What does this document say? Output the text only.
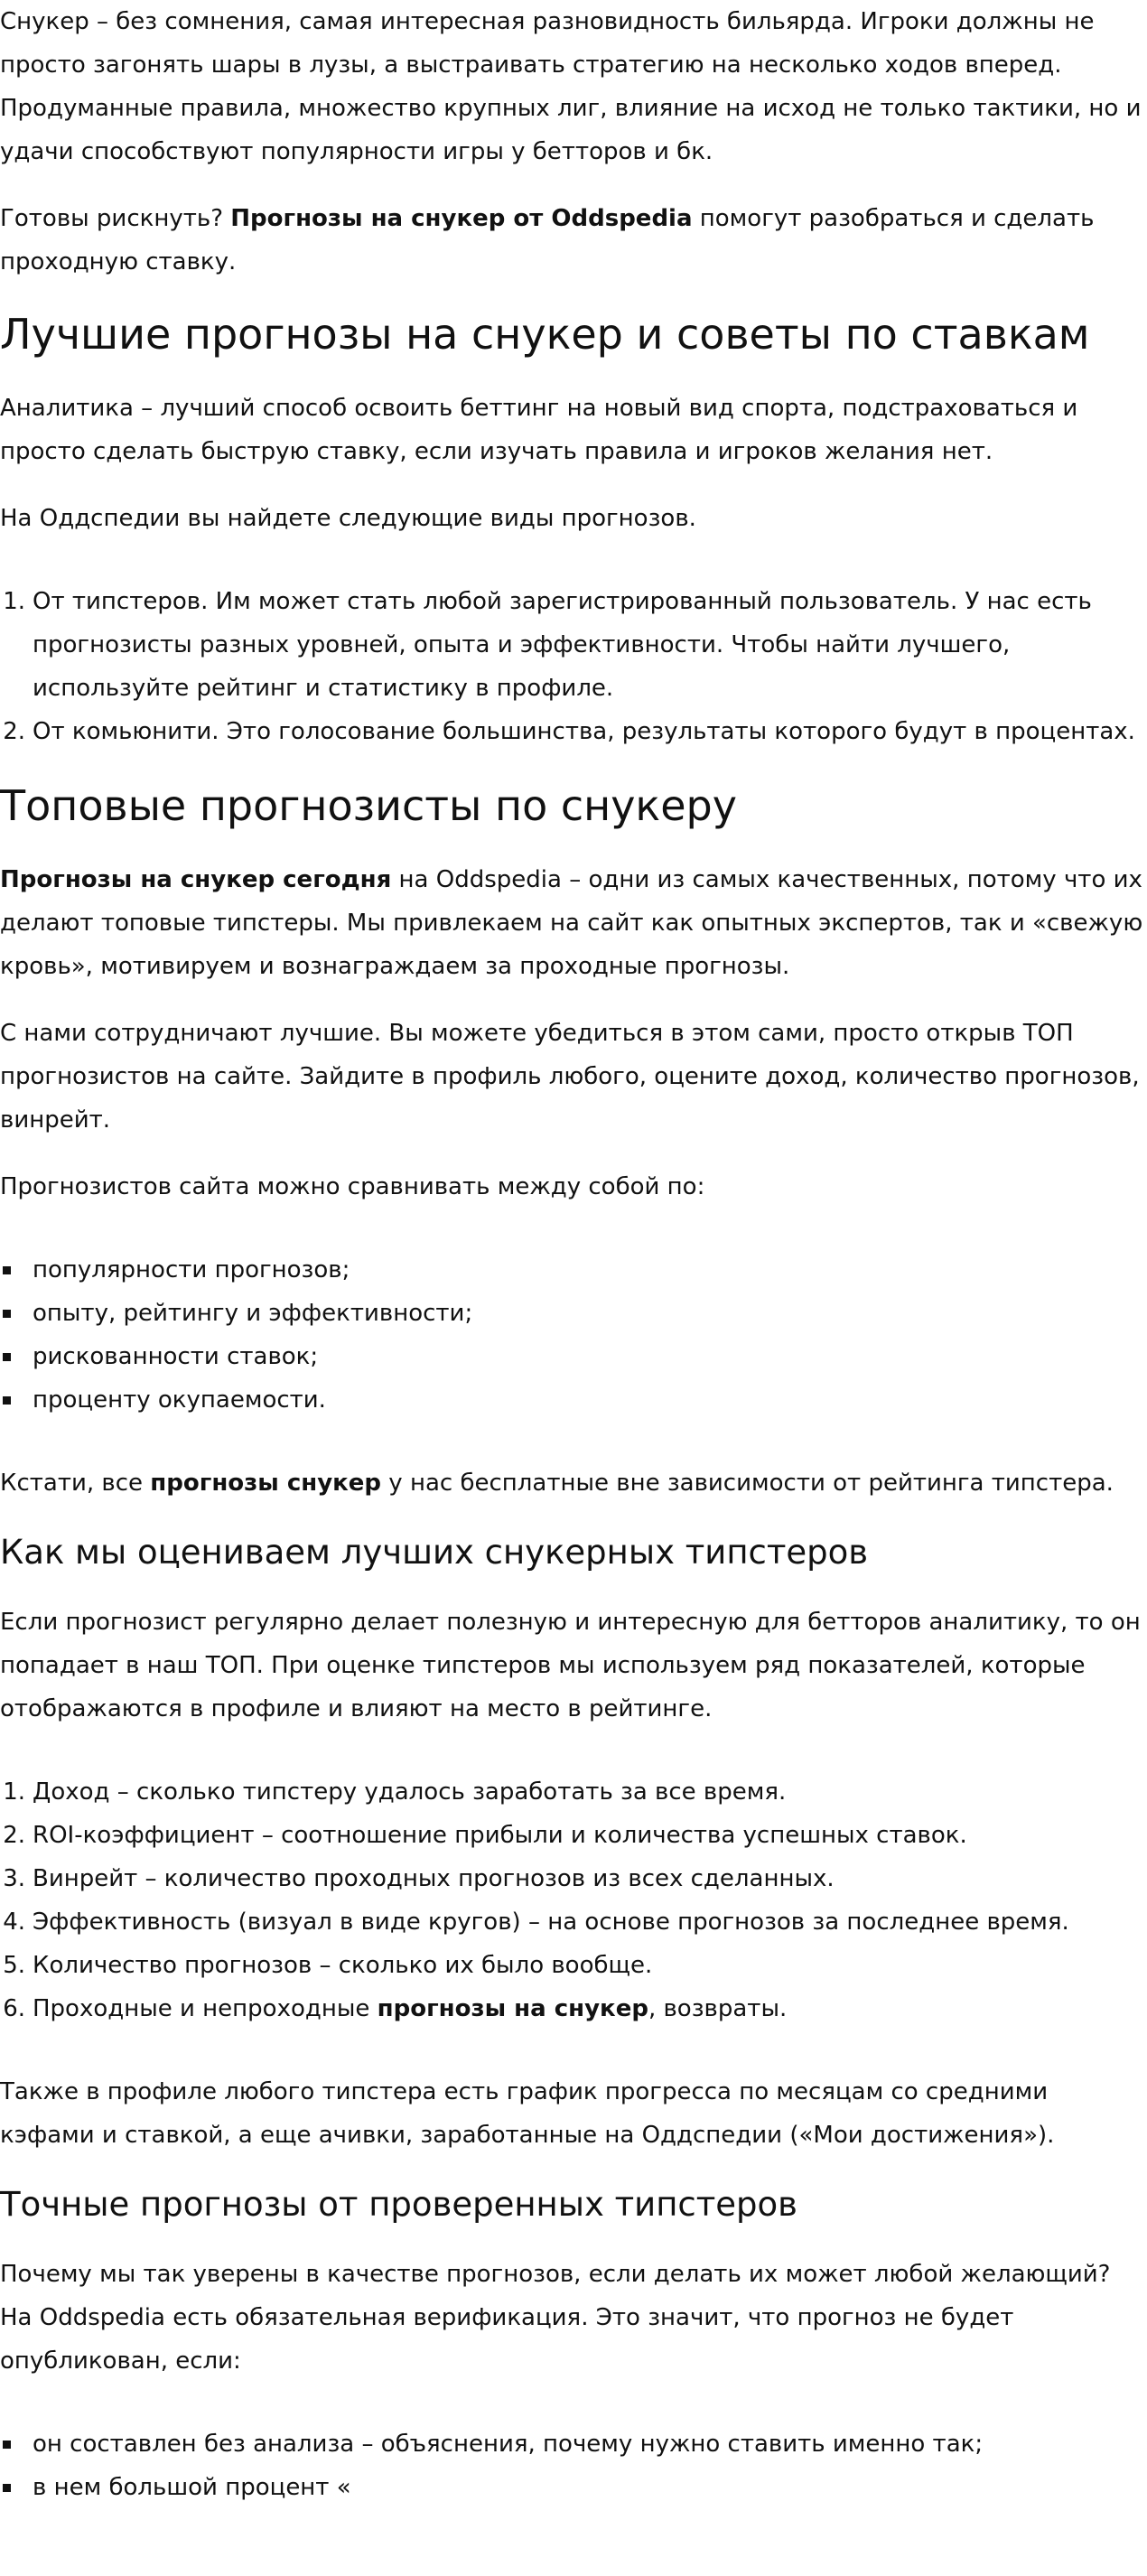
Снукер – без сомнения, самая интересная разновидность бильярда. Игроки должны не просто загонять шары в лузы, а выстраивать стратегию на несколько ходов вперед. Продуманные правила, множество крупных лиг, влияние на исход не только тактики, но и удачи способствуют популярности игры у бетторов и бк.

Готовы рискнуть? Прогнозы на снукер от Oddspedia помогут разобраться и сделать проходную ставку.

Лучшие прогнозы на снукер и советы по ставкам

Аналитика – лучший способ освоить беттинг на новый вид спорта, подстраховаться и просто сделать быструю ставку, если изучать правила и игроков желания нет.

На Оддспедии вы найдете следующие виды прогнозов.

От типстеров. Им может стать любой зарегистрированный пользователь. У нас есть прогнозисты разных уровней, опыта и эффективности. Чтобы найти лучшего, используйте рейтинг и статистику в профиле.
От комьюнити. Это голосование большинства, результаты которого будут в процентах.
Топовые прогнозисты по снукеру

Прогнозы на снукер сегодня на Oddspedia – одни из самых качественных, потому что их делают топовые типстеры. Мы привлекаем на сайт как опытных экспертов, так и «свежую кровь», мотивируем и вознаграждаем за проходные прогнозы.

С нами сотрудничают лучшие. Вы можете убедиться в этом сами, просто открыв ТОП прогнозистов на сайте. Зайдите в профиль любого, оцените доход, количество прогнозов, винрейт.

Прогнозистов сайта можно сравнивать между собой по:

популярности прогнозов;
опыту, рейтингу и эффективности;
рискованности ставок;
проценту окупаемости.

Кстати, все прогнозы снукер у нас бесплатные вне зависимости от рейтинга типстера.

Как мы оцениваем лучших снукерных типстеров

Если прогнозист регулярно делает полезную и интересную для бетторов аналитику, то он попадает в наш ТОП. При оценке типстеров мы используем ряд показателей, которые отображаются в профиле и влияют на место в рейтинге.

Доход – сколько типстеру удалось заработать за все время.
ROI-коэффициент – соотношение прибыли и количества успешных ставок.
Винрейт – количество проходных прогнозов из всех сделанных.
Эффективность (визуал в виде кругов) – на основе прогнозов за последнее время.
Количество прогнозов – сколько их было вообще.
Проходные и непроходные прогнозы на снукер, возвраты.

Также в профиле любого типстера есть график прогресса по месяцам со средними кэфами и ставкой, а еще ачивки, заработанные на Оддспедии («Мои достижения»).

Точные прогнозы от проверенных типстеров

Почему мы так уверены в качестве прогнозов, если делать их может любой желающий? На Oddspedia есть обязательная верификация. Это значит, что прогноз не будет опубликован, если:

он составлен без анализа – объяснения, почему нужно ставить именно так;
в нем большой процент «
